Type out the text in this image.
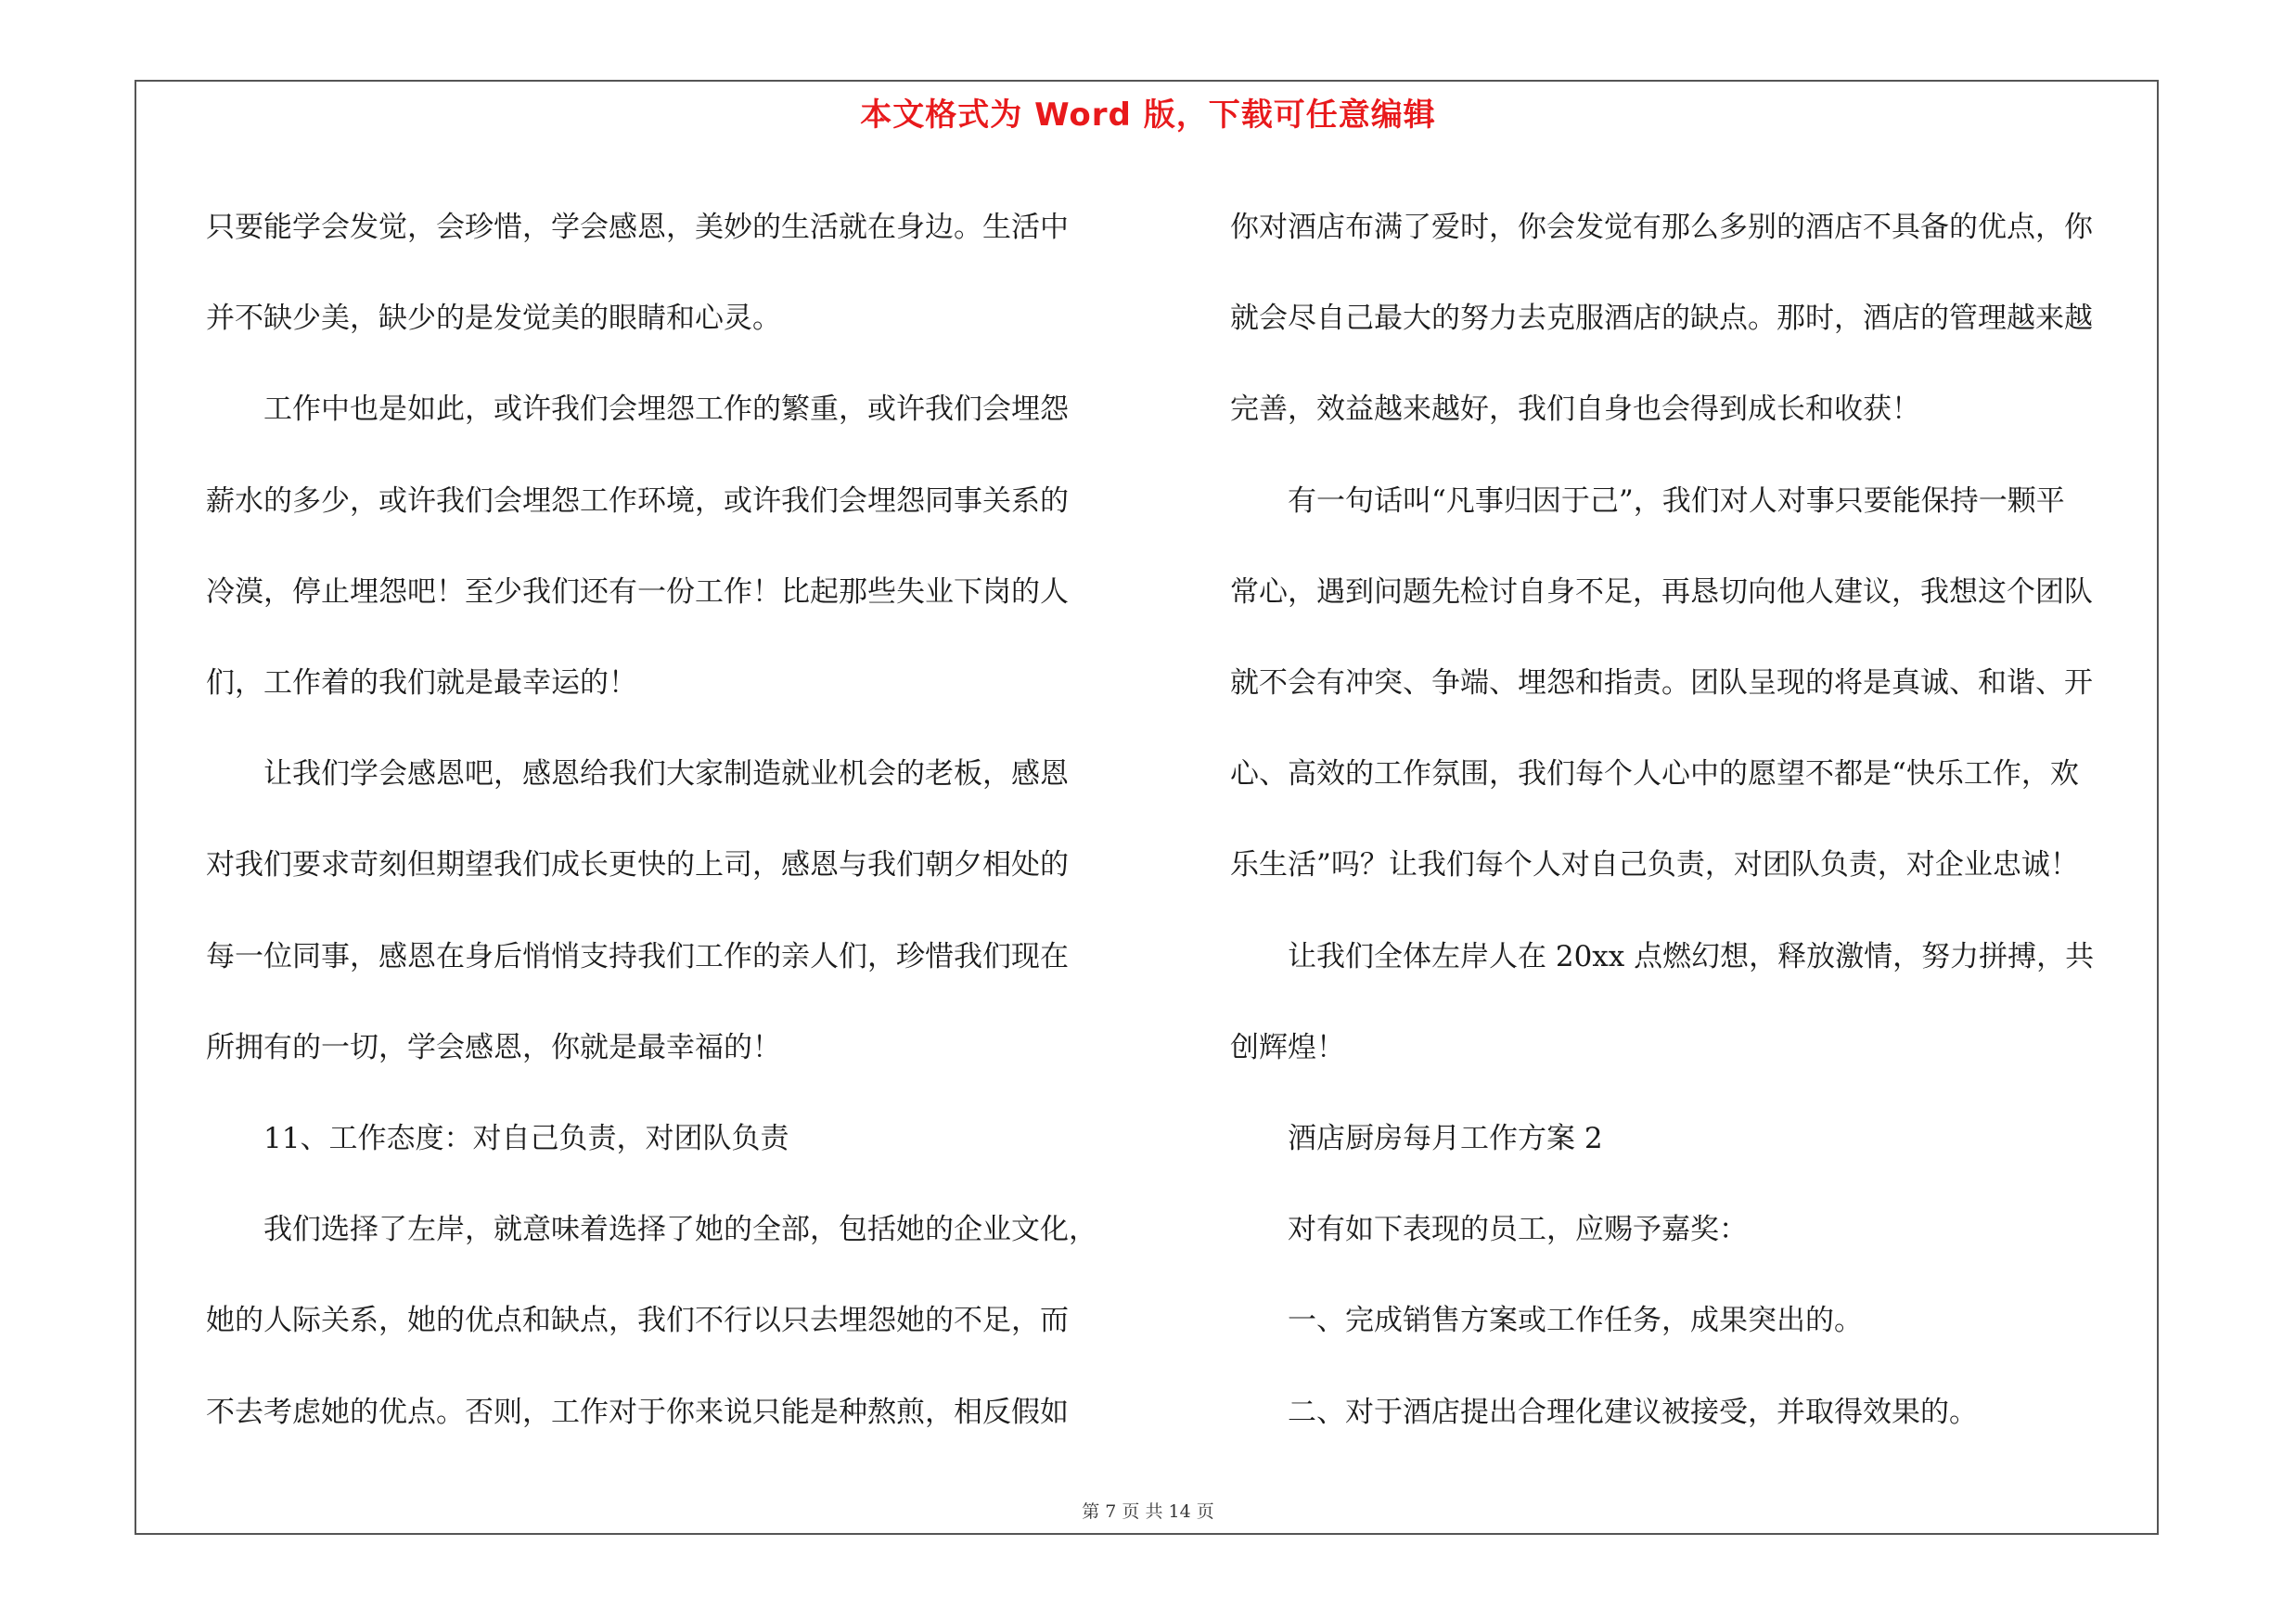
本文格式为 Word 版，下载可任意编辑

只要能学会发觉，会珍惜，学会感恩，美妙的生活就在身边。生活中

并不缺少美，缺少的是发觉美的眼睛和心灵。

　　工作中也是如此，或许我们会埋怨工作的繁重，或许我们会埋怨

薪水的多少，或许我们会埋怨工作环境，或许我们会埋怨同事关系的

冷漠，停止埋怨吧！至少我们还有一份工作！比起那些失业下岗的人

们，工作着的我们就是最幸运的！

　　让我们学会感恩吧，感恩给我们大家制造就业机会的老板，感恩

对我们要求苛刻但期望我们成长更快的上司，感恩与我们朝夕相处的

每一位同事，感恩在身后悄悄支持我们工作的亲人们，珍惜我们现在

所拥有的一切，学会感恩，你就是最幸福的！

　　11、工作态度：对自己负责，对团队负责

　　我们选择了左岸，就意味着选择了她的全部，包括她的企业文化，

她的人际关系，她的优点和缺点，我们不行以只去埋怨她的不足，而

不去考虑她的优点。否则，工作对于你来说只能是种熬煎，相反假如

你对酒店布满了爱时，你会发觉有那么多别的酒店不具备的优点，你

就会尽自己最大的努力去克服酒店的缺点。那时，酒店的管理越来越

完善，效益越来越好，我们自身也会得到成长和收获！

　　有一句话叫“凡事归因于己”，我们对人对事只要能保持一颗平

常心，遇到问题先检讨自身不足，再恳切向他人建议，我想这个团队

就不会有冲突、争端、埋怨和指责。团队呈现的将是真诚、和谐、开

心、高效的工作氛围，我们每个人心中的愿望不都是“快乐工作，欢

乐生活”吗？让我们每个人对自己负责，对团队负责，对企业忠诚！

　　让我们全体左岸人在 20xx 点燃幻想，释放激情，努力拼搏，共

创辉煌！

　　酒店厨房每月工作方案 2

　　对有如下表现的员工，应赐予嘉奖：

　　一、完成销售方案或工作任务，成果突出的。

　　二、对于酒店提出合理化建议被接受，并取得效果的。

第 7 页 共 14 页
